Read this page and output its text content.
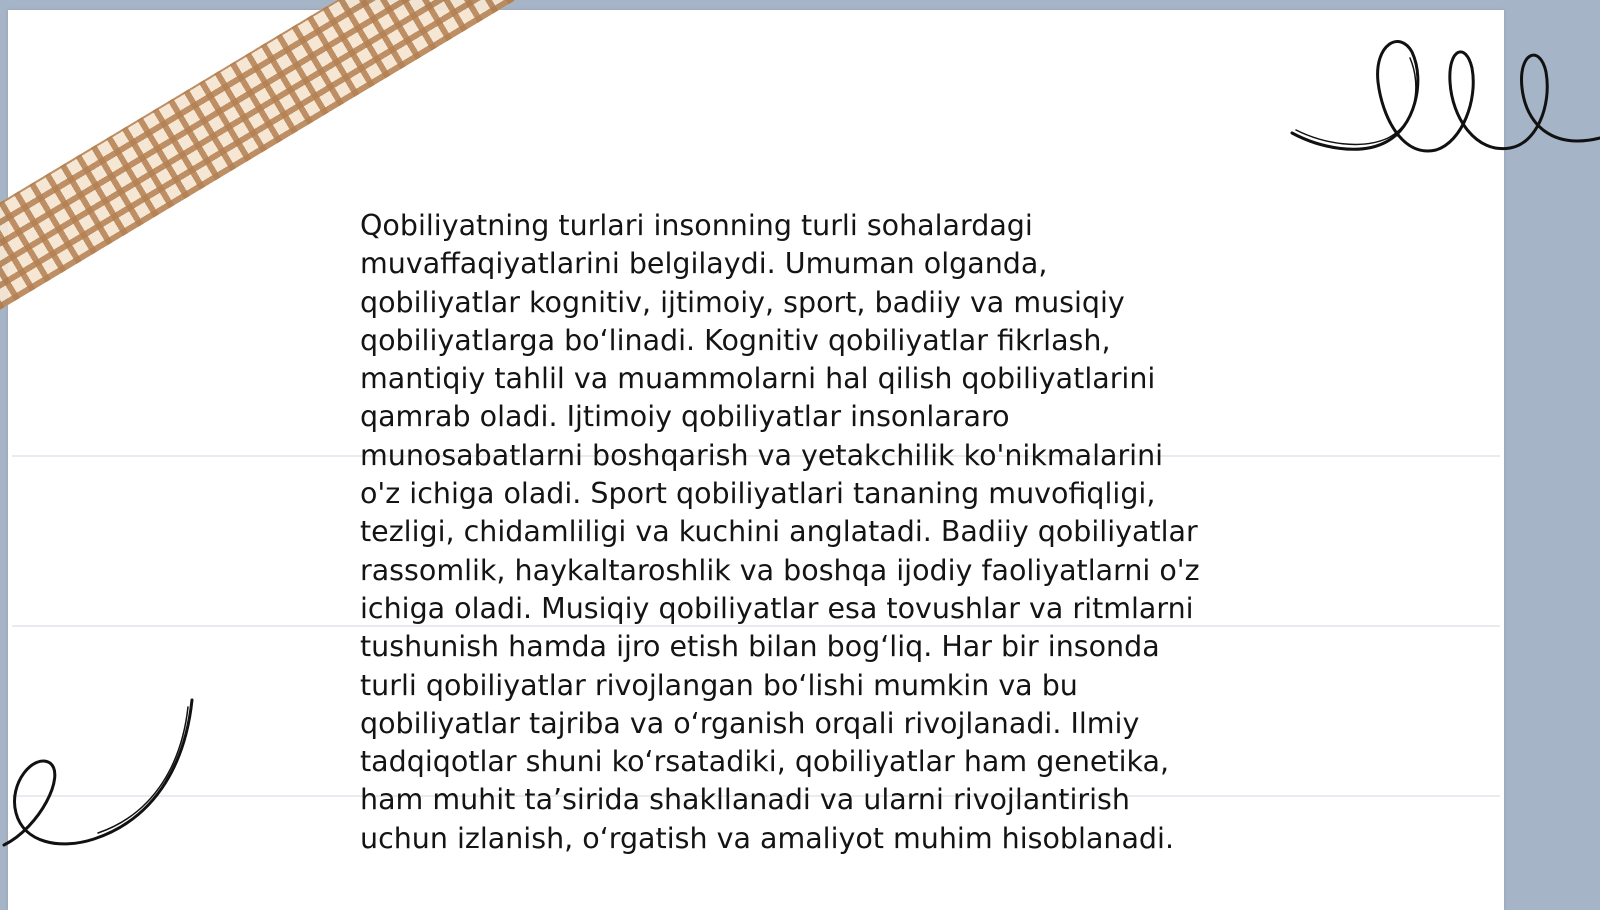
Qobiliyatning turlari insonning turli sohalardagi
muvaffaqiyatlarini belgilaydi. Umuman olganda,
qobiliyatlar kognitiv, ijtimoiy, sport, badiiy va musiqiy
qobiliyatlarga bo‘linadi. Kognitiv qobiliyatlar fikrlash,
mantiqiy tahlil va muammolarni hal qilish qobiliyatlarini
qamrab oladi. Ijtimoiy qobiliyatlar insonlararo
munosabatlarni boshqarish va yetakchilik ko'nikmalarini
o'z ichiga oladi. Sport qobiliyatlari tananing muvofiqligi,
tezligi, chidamliligi va kuchini anglatadi. Badiiy qobiliyatlar
rassomlik, haykaltaroshlik va boshqa ijodiy faoliyatlarni o'z
ichiga oladi. Musiqiy qobiliyatlar esa tovushlar va ritmlarni
tushunish hamda ijro etish bilan bog‘liq. Har bir insonda
turli qobiliyatlar rivojlangan bo‘lishi mumkin va bu
qobiliyatlar tajriba va o‘rganish orqali rivojlanadi. Ilmiy
tadqiqotlar shuni ko‘rsatadiki, qobiliyatlar ham genetika,
ham muhit ta’sirida shakllanadi va ularni rivojlantirish
uchun izlanish, o‘rgatish va amaliyot muhim hisoblanadi.
